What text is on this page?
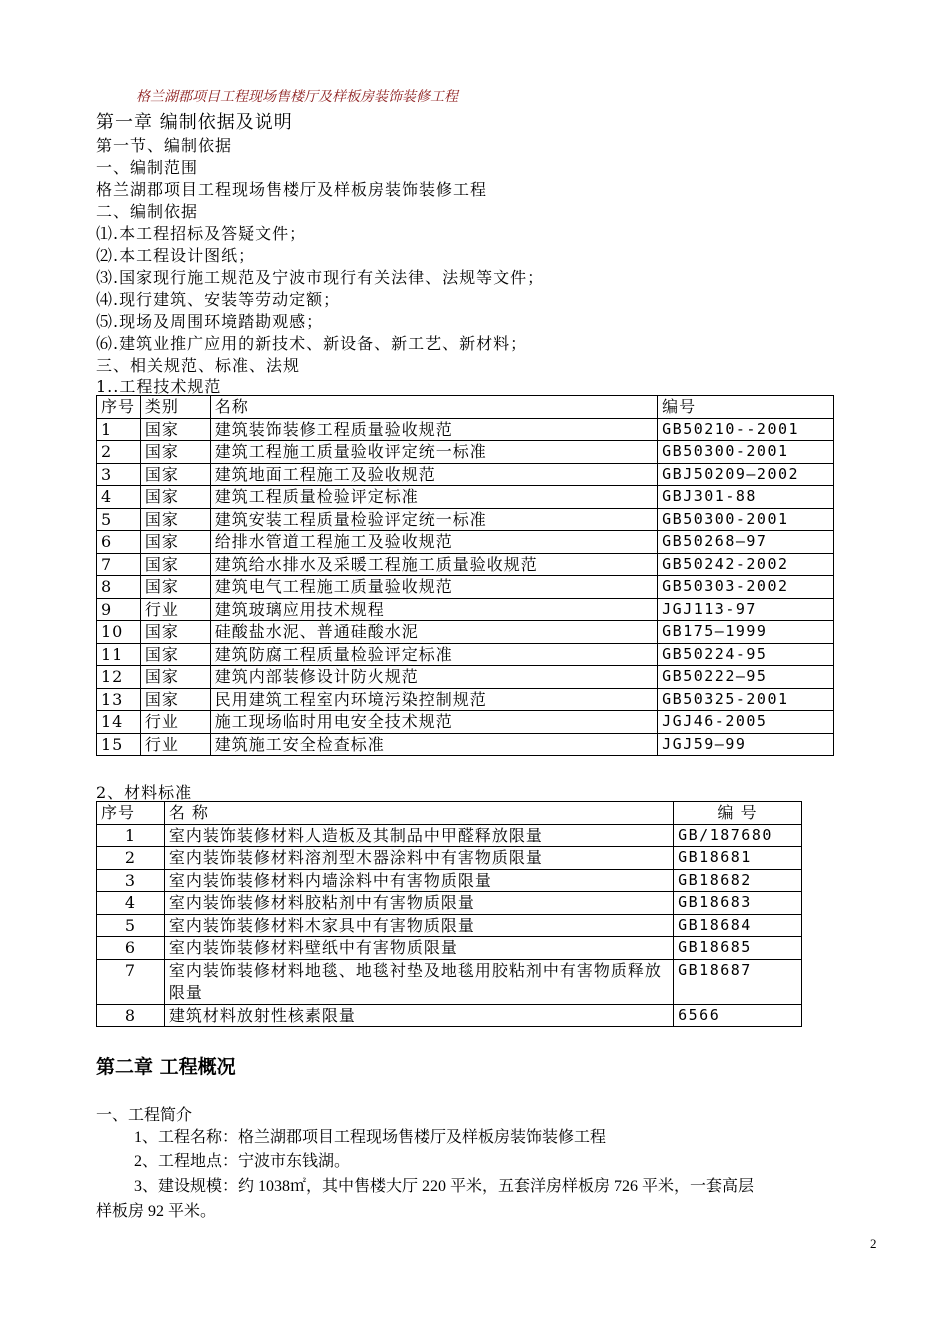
格兰湖郡项目工程现场售楼厅及样板房装饰装修工程
第一章 编制依据及说明
第一节、编制依据
一、编制范围
格兰湖郡项目工程现场售楼厅及样板房装饰装修工程
二、编制依据
⑴.本工程招标及答疑文件；
⑵.本工程设计图纸；
⑶.国家现行施工规范及宁波市现行有关法律、法规等文件；
⑷.现行建筑、安装等劳动定额；
⑸.现场及周围环境踏勘观感；
⑹.建筑业推广应用的新技术、新设备、新工艺、新材料；
三、相关规范、标准、法规
1..工程技术规范
序号	类别	名称	编号
1	国家	建筑装饰装修工程质量验收规范	GB50210--2001
2	国家	建筑工程施工质量验收评定统一标准	GB50300-2001
3	国家	建筑地面工程施工及验收规范	GBJ50209—2002
4	国家	建筑工程质量检验评定标准	GBJ301-88
5	国家	建筑安装工程质量检验评定统一标准	GB50300-2001
6	国家	给排水管道工程施工及验收规范	GB50268—97
7	国家	建筑给水排水及采暖工程施工质量验收规范	GB50242-2002
8	国家	建筑电气工程施工质量验收规范	GB50303-2002
9	行业	建筑玻璃应用技术规程	JGJ113-97
10	国家	硅酸盐水泥、普通硅酸水泥	GB175—1999
11	国家	建筑防腐工程质量检验评定标准	GB50224-95
12	国家	建筑内部装修设计防火规范	GB50222—95
13	国家	民用建筑工程室内环境污染控制规范	GB50325-2001
14	行业	施工现场临时用电安全技术规范	JGJ46-2005
15	行业	建筑施工安全检查标准	JGJ59—99
2、材料标准
序号	名 称	编 号
1	室内装饰装修材料人造板及其制品中甲醛释放限量	GB/187680
2	室内装饰装修材料溶剂型木器涂料中有害物质限量	GB18681
3	室内装饰装修材料内墙涂料中有害物质限量	GB18682
4	室内装饰装修材料胶粘剂中有害物质限量	GB18683
5	室内装饰装修材料木家具中有害物质限量	GB18684
6	室内装饰装修材料壁纸中有害物质限量	GB18685
7	室内装饰装修材料地毯、地毯衬垫及地毯用胶粘剂中有害物质释放限量	GB18687
8	建筑材料放射性核素限量	6566
第二章 工程概况
一、工程简介
1、工程名称：格兰湖郡项目工程现场售楼厅及样板房装饰装修工程
2、工程地点：宁波市东钱湖。
3、建设规模：约 1038㎡，其中售楼大厅 220 平米，五套洋房样板房 726 平米，一套高层
样板房 92 平米。
2
